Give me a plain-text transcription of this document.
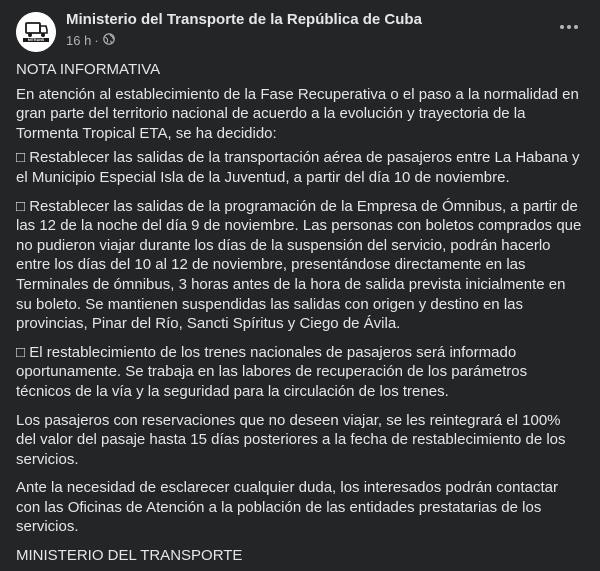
MITRANS
Ministerio del Transporte de la República de Cuba
16 h ·

NOTA INFORMATIVA

En atención al establecimiento de la Fase Recuperativa o el paso a la normalidad en gran parte del territorio nacional de acuerdo a la evolución y trayectoria de la Tormenta Tropical ETA, se ha decidido:

□ Restablecer las salidas de la transportación aérea de pasajeros entre La Habana y el Municipio Especial Isla de la Juventud, a partir del día 10 de noviembre.

□ Restablecer las salidas de la programación de la Empresa de Ómnibus, a partir de las 12 de la noche del día 9 de noviembre. Las personas con boletos comprados que no pudieron viajar durante los días de la suspensión del servicio, podrán hacerlo entre los días del 10 al 12 de noviembre, presentándose directamente en las Terminales de ómnibus, 3 horas antes de la hora de salida prevista inicialmente en su boleto. Se mantienen suspendidas las salidas con origen y destino en las provincias, Pinar del Río, Sancti Spíritus y Ciego de Ávila.

□ El restablecimiento de los trenes nacionales de pasajeros será informado oportunamente. Se trabaja en las labores de recuperación de los parámetros técnicos de la vía y la seguridad para la circulación de los trenes.

Los pasajeros con reservaciones que no deseen viajar, se les reintegrará el 100% del valor del pasaje hasta 15 días posteriores a la fecha de restablecimiento de los servicios.

Ante la necesidad de esclarecer cualquier duda, los interesados podrán contactar con las Oficinas de Atención a la población de las entidades prestatarias de los servicios.

MINISTERIO DEL TRANSPORTE
